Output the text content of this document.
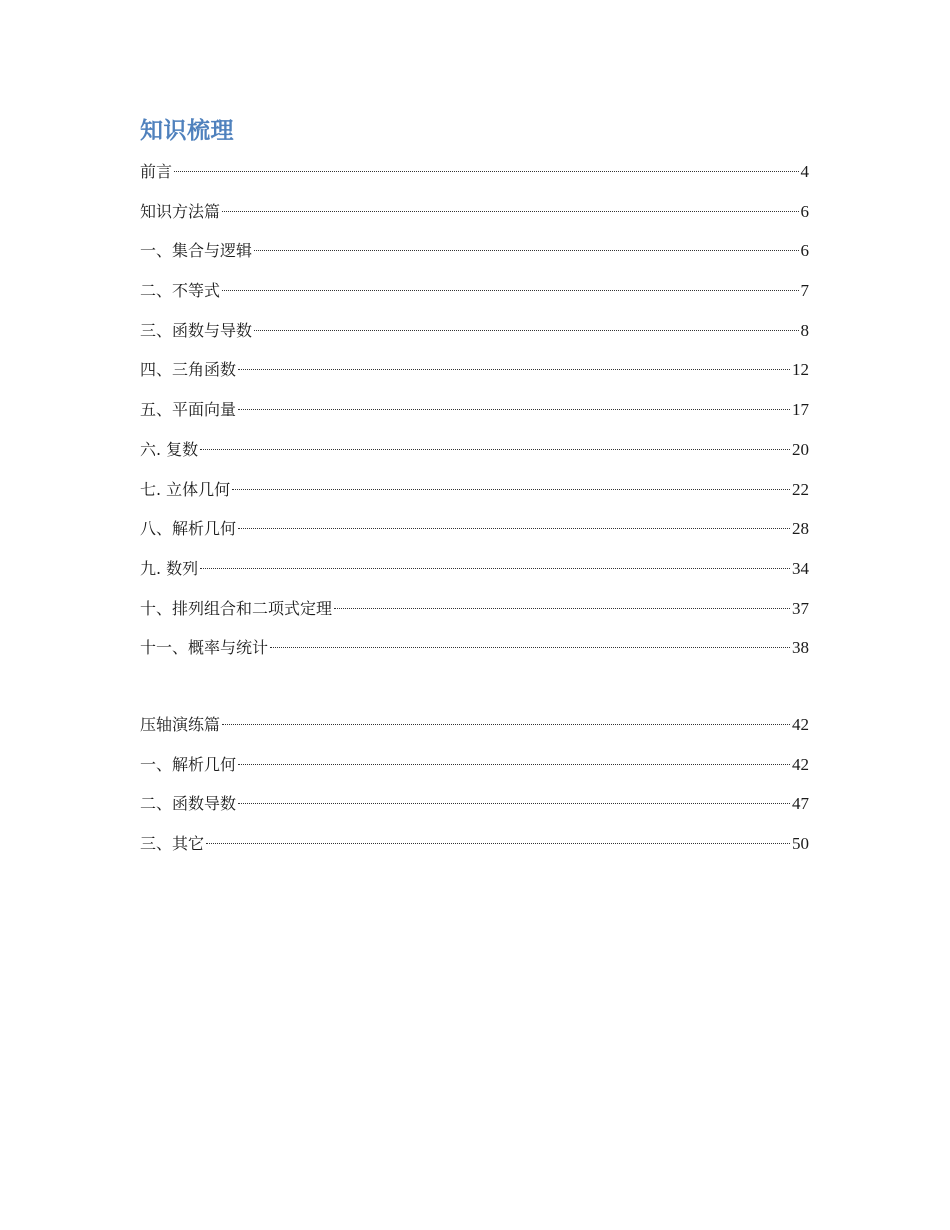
知识梳理
前言	4
知识方法篇	6
一、集合与逻辑	6
二、不等式	7
三、函数与导数	8
四、三角函数	12
五、平面向量	17
六. 复数	20
七. 立体几何	22
八、解析几何	28
九. 数列	34
十、排列组合和二项式定理	37
十一、概率与统计	38
压轴演练篇	42
一、解析几何	42
二、函数导数	47
三、其它	50
